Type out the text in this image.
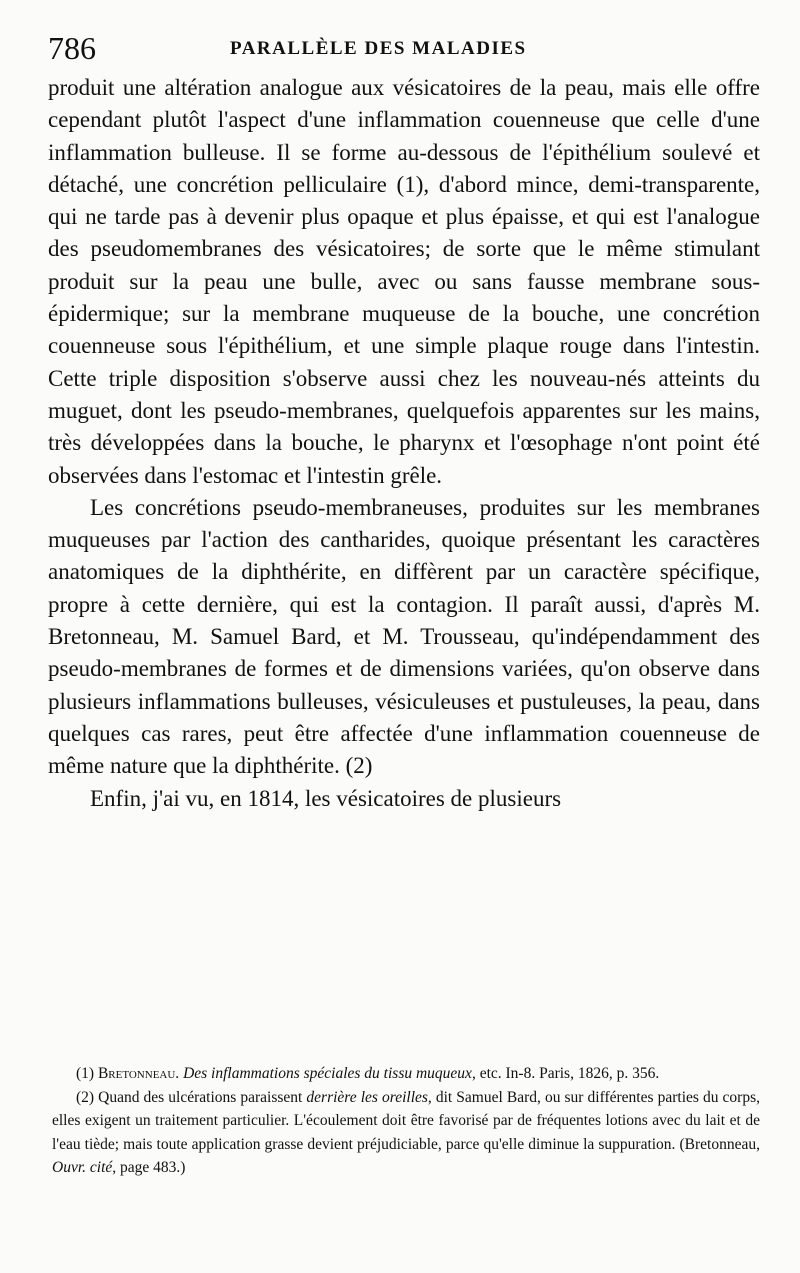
786	PARALLÈLE DES MALADIES

produit une altération analogue aux vésicatoires de la peau, mais elle offre cependant plutôt l'aspect d'une inflammation couenneuse que celle d'une inflammation bulleuse. Il se forme au-dessous de l'épithélium soulevé et détaché, une concrétion pelliculaire (1), d'abord mince, demi-transparente, qui ne tarde pas à devenir plus opaque et plus épaisse, et qui est l'analogue des pseudomembranes des vésicatoires; de sorte que le même stimulant produit sur la peau une bulle, avec ou sans fausse membrane sous-épidermique; sur la membrane muqueuse de la bouche, une concrétion couenneuse sous l'épithélium, et une simple plaque rouge dans l'intestin. Cette triple disposition s'observe aussi chez les nouveau-nés atteints du muguet, dont les pseudo-membranes, quelquefois apparentes sur les mains, très développées dans la bouche, le pharynx et l'œsophage n'ont point été observées dans l'estomac et l'intestin grêle.

Les concrétions pseudo-membraneuses, produites sur les membranes muqueuses par l'action des cantharides, quoique présentant les caractères anatomiques de la diphthérite, en diffèrent par un caractère spécifique, propre à cette dernière, qui est la contagion. Il paraît aussi, d'après M. Bretonneau, M. Samuel Bard, et M. Trousseau, qu'indépendamment des pseudo-membranes de formes et de dimensions variées, qu'on observe dans plusieurs inflammations bulleuses, vésiculeuses et pustuleuses, la peau, dans quelques cas rares, peut être affectée d'une inflammation couenneuse de même nature que la diphthérite. (2)

Enfin, j'ai vu, en 1814, les vésicatoires de plusieurs

(1) Bretonneau. Des inflammations spéciales du tissu muqueux, etc. In-8. Paris, 1826, p. 356.

(2) Quand des ulcérations paraissent derrière les oreilles, dit Samuel Bard, ou sur différentes parties du corps, elles exigent un traitement particulier. L'écoulement doit être favorisé par de fréquentes lotions avec du lait et de l'eau tiède; mais toute application grasse devient préjudiciable, parce qu'elle diminue la suppuration. (Bretonneau, Ouvr. cité, page 483.)
